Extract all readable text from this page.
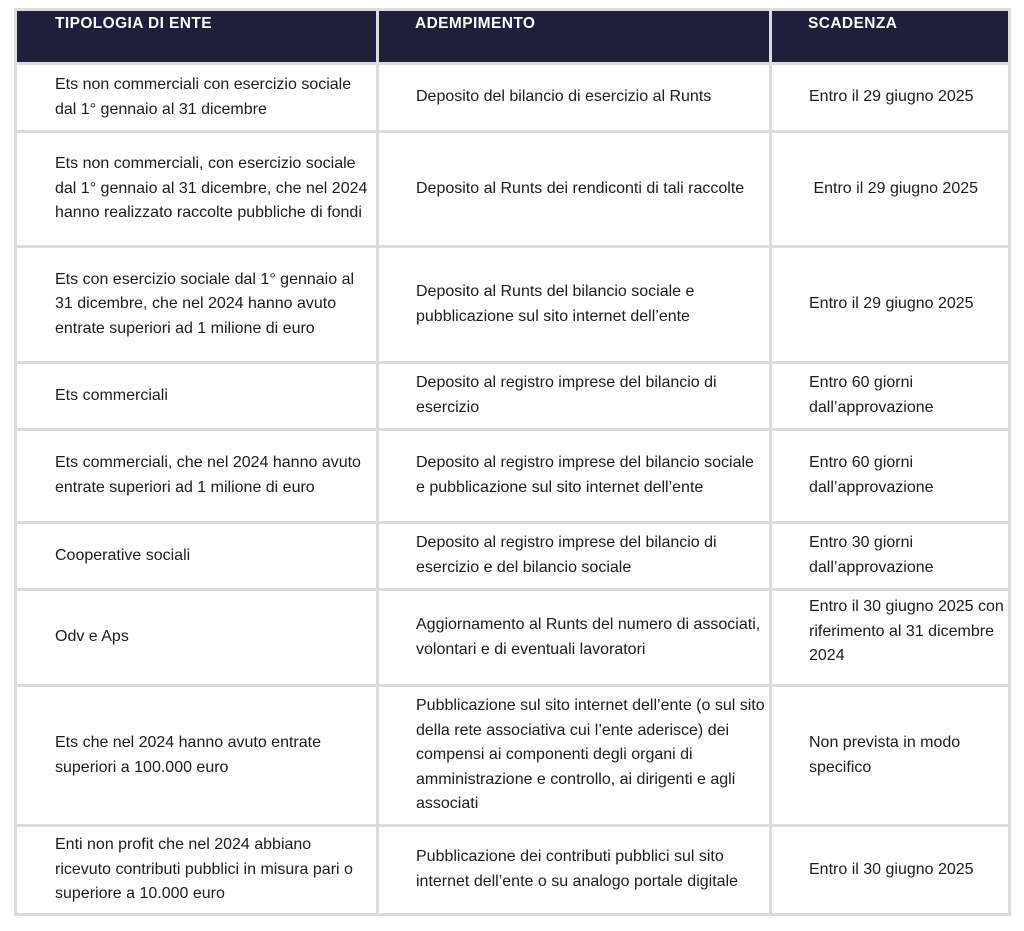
TIPOLOGIA DI ENTE	ADEMPIMENTO	SCADENZA
Ets non commerciali con esercizio sociale dal 1° gennaio al 31 dicembre	Deposito del bilancio di esercizio al Runts	Entro il 29 giugno 2025
Ets non commerciali, con esercizio sociale dal 1° gennaio al 31 dicembre, che nel 2024 hanno realizzato raccolte pubbliche di fondi	Deposito al Runts dei rendiconti di tali raccolte	Entro il 29 giugno 2025
Ets con esercizio sociale dal 1° gennaio al 31 dicembre, che nel 2024 hanno avuto entrate superiori ad 1 milione di euro	Deposito al Runts del bilancio sociale e pubblicazione sul sito internet dell’ente	Entro il 29 giugno 2025
Ets commerciali	Deposito al registro imprese del bilancio di esercizio	Entro 60 giorni dall’approvazione
Ets commerciali, che nel 2024 hanno avuto entrate superiori ad 1 milione di euro	Deposito al registro imprese del bilancio sociale e pubblicazione sul sito internet dell’ente	Entro 60 giorni dall’approvazione
Cooperative sociali	Deposito al registro imprese del bilancio di esercizio e del bilancio sociale	Entro 30 giorni dall’approvazione
Odv e Aps	Aggiornamento al Runts del numero di associati, volontari e di eventuali lavoratori	Entro il 30 giugno 2025 con riferimento al 31 dicembre 2024
Ets che nel 2024 hanno avuto entrate superiori a 100.000 euro	Pubblicazione sul sito internet dell’ente (o sul sito della rete associativa cui l’ente aderisce) dei compensi ai componenti degli organi di amministrazione e controllo, ai dirigenti e agli associati	Non prevista in modo specifico
Enti non profit che nel 2024 abbiano ricevuto contributi pubblici in misura pari o superiore a 10.000 euro	Pubblicazione dei contributi pubblici sul sito internet dell’ente o su analogo portale digitale	Entro il 30 giugno 2025
